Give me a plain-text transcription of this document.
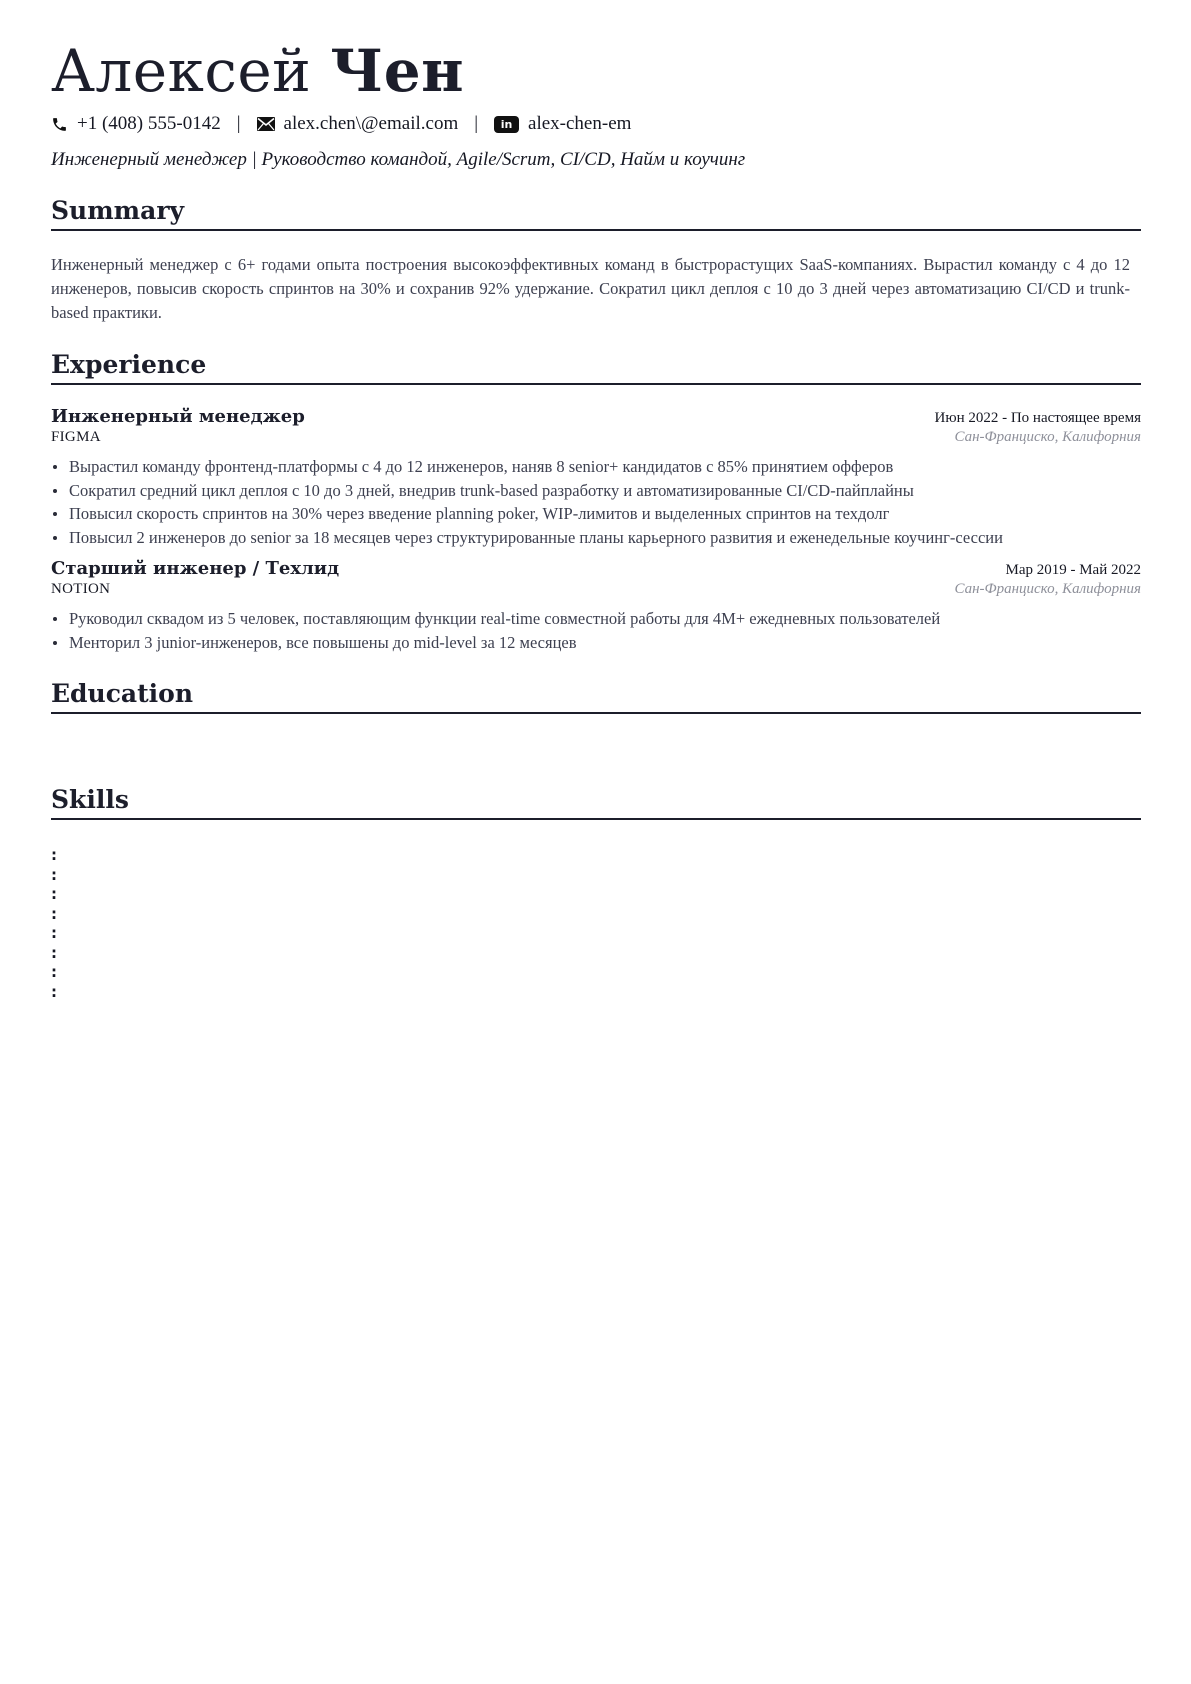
Алексей Чен
+1 (408) 555-0142 | alex.chen\@email.com |	in alex-chen-em
Инженерный менеджер | Руководство командой, Agile/Scrum, CI/CD, Найм и коучинг
Summary
Инженерный менеджер с 6+ годами опыта построения высокоэффективных команд в быстрорастущих SaaS-компаниях. Вырастил команду с 4 до 12 инженеров, повысив скорость спринтов на 30% и сохранив 92% удержание. Сократил цикл деплоя с 10 до 3 дней через автоматизацию CI/CD и trunk-based практики.
Experience
Инженерный менеджер	Июн 2022 - По настоящее время
FIGMA	Сан-Франциско, Калифорния
Вырастил команду фронтенд-платформы с 4 до 12 инженеров, наняв 8 senior+ кандидатов с 85% принятием офферов
Сократил средний цикл деплоя с 10 до 3 дней, внедрив trunk-based разработку и автоматизированные CI/CD-пайплайны
Повысил скорость спринтов на 30% через введение planning poker, WIP-лимитов и выделенных спринтов на техдолг
Повысил 2 инженеров до senior за 18 месяцев через структурированные планы карьерного развития и еженедельные коучинг-сессии
Старший инженер / Техлид	Мар 2019 - Май 2022
NOTION	Сан-Франциско, Калифорния
Руководил сквадом из 5 человек, поставляющим функции real-time совместной работы для 4M+ ежедневных пользователей
Менторил 3 junior-инженеров, все повышены до mid-level за 12 месяцев
Education
Skills
:
:
:
:
:
:
:
:
